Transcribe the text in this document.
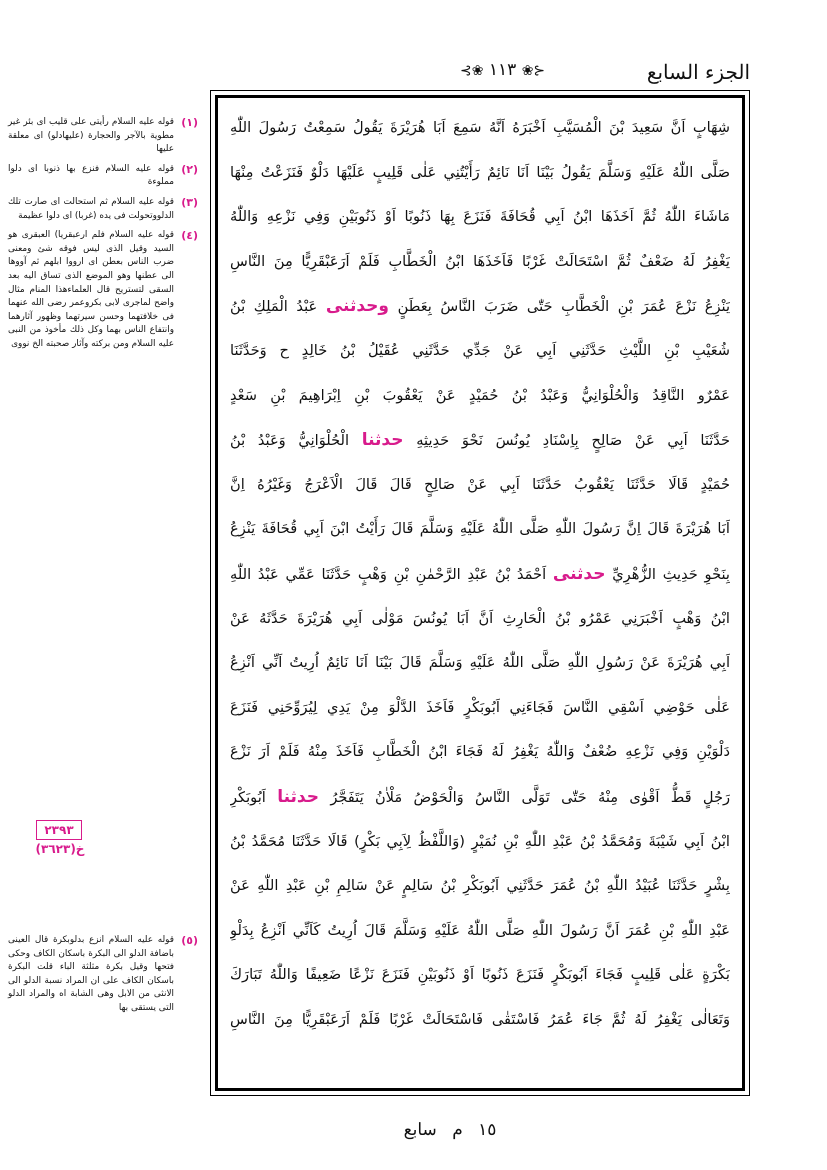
⊰❀ ١١٣ ❀⊱	الجزء السابع
(١)
قوله عليه السلام رأيتى على قليب اى بئر غير مطوية بالآجر والحجارة (عليهادلو) اى معلقة عليها
(٢)
قوله عليه السلام فنزع بها ذنوبا اى دلوا مملوءة
(٣)
قوله عليه السلام ثم استحالت اى صارت تلك الدلووتحولت فى يده (غربا) اى دلوا عظيمة
(٤)
قوله عليه السلام فلم ارعبقريا) العبقرى هو السيد وقيل الذى ليس فوقه شئ ومعنى ضرب الناس بعطن اى ارووا ابلهم ثم آووها الى عطنها وهو الموضع الذى تساق اليه بعد السقى لتستريح قال العلماءهذا المنام مثال واضح لماجرى لابى بكروعمر رضى الله عنهما فى خلافتهما وحسن سيرتهما وظهور آثارهما وانتفاع الناس بهما وكل ذلك مأخوذ من النبى عليه السلام ومن بركته وآثار صحبته الخ نووى
٢٣٩٣
خ(٣٦٢٣)
(٥)
قوله عليه السلام انزع بدلوبكرة قال العينى باضافة الدلو الى البكرة باسكان الكاف وحكى فتحها وقيل بكرة مثلثة الباء قلت البكرة باسكان الكاف على ان المراد نسبة الدلو الى الانثى من الابل وهى الشابة اه والمراد الدلو التى يستقى بها
شِهَابٍ اَنَّ سَعِيدَ بْنَ الْمُسَيَّبِ اَخْبَرَهُ اَنَّهُ سَمِعَ اَبَا هُرَيْرَةَ يَقُولُ سَمِعْتُ رَسُولَ اللّٰهِ
صَلَّى اللّٰهُ عَلَيْهِ وَسَلَّمَ يَقُولُ بَيْنَا اَنَا نَائِمٌ رَأَيْتُنِي عَلٰى قَلِيبٍ عَلَيْهَا دَلْوٌ فَنَزَعْتُ مِنْهَا
مَاشَاءَ اللّٰهُ ثُمَّ اَخَذَهَا ابْنُ اَبِي قُحَافَةَ فَنَزَعَ بِهَا ذَنُوبًا اَوْ ذَنُوبَيْنِ وَفِي نَزْعِهِ وَاللّٰهُ
يَغْفِرُ لَهُ ضَعْفٌ ثُمَّ اسْتَحَالَتْ غَرْبًا فَاَخَذَهَا ابْنُ الْخَطَّابِ فَلَمْ اَرَعَبْقَرِيًّا مِنَ النَّاسِ
يَنْزِعُ نَزْعَ عُمَرَ بْنِ الْخَطَّابِ حَتّٰى ضَرَبَ النَّاسُ بِعَطَنٍ وحدثنى عَبْدُ الْمَلِكِ بْنُ
شُعَيْبِ بْنِ اللَّيْثِ حَدَّثَنِي اَبِي عَنْ جَدِّي حَدَّثَنِي عُقَيْلُ بْنُ خَالِدٍ ح وَحَدَّثَنَا
عَمْرٌو النَّاقِدُ وَالْحُلْوَانِيُّ وَعَبْدُ بْنُ حُمَيْدٍ عَنْ يَعْقُوبَ بْنِ اِبْرَاهِيمَ بْنِ سَعْدٍ
حَدَّثَنَا اَبِي عَنْ صَالِحٍ بِاِسْنَادِ يُونُسَ نَحْوَ حَدِيثِهِ حدثنا الْحُلْوَانِيُّ وَعَبْدُ بْنُ
حُمَيْدٍ قَالَا حَدَّثَنَا يَعْقُوبُ حَدَّثَنَا اَبِي عَنْ صَالِحٍ قَالَ قَالَ الْاَعْرَجُ وَغَيْرُهُ اِنَّ
اَبَا هُرَيْرَةَ قَالَ اِنَّ رَسُولَ اللّٰهِ صَلَّى اللّٰهُ عَلَيْهِ وَسَلَّمَ قَالَ رَأَيْتُ ابْنَ اَبِي قُحَافَةَ يَنْزِعُ
بِنَحْوِ حَدِيثِ الزُّهْرِيِّ حدثنى اَحْمَدُ بْنُ عَبْدِ الرَّحْمٰنِ بْنِ وَهْبٍ حَدَّثَنَا عَمِّي عَبْدُ اللّٰهِ
ابْنُ وَهْبٍ اَخْبَرَنِي عَمْرُو بْنُ الْحَارِثِ اَنَّ اَبَا يُونُسَ مَوْلٰى اَبِي هُرَيْرَةَ حَدَّثَهُ عَنْ
اَبِي هُرَيْرَةَ عَنْ رَسُولِ اللّٰهِ صَلَّى اللّٰهُ عَلَيْهِ وَسَلَّمَ قَالَ بَيْنَا اَنَا نَائِمٌ اُرِيتُ اَنِّي اَنْزِعُ
عَلٰى حَوْضِي اَسْقِي النَّاسَ فَجَاءَنِي اَبُوبَكْرٍ فَاَخَذَ الدَّلْوَ مِنْ يَدِي لِيُرَوِّحَنِي فَنَزَعَ
دَلْوَيْنِ وَفِي نَزْعِهِ ضُعْفٌ وَاللّٰهُ يَغْفِرُ لَهُ فَجَاءَ ابْنُ الْخَطَّابِ فَاَخَذَ مِنْهُ فَلَمْ اَرَ نَزْعَ
رَجُلٍ قَطُّ اَقْوٰى مِنْهُ حَتّٰى تَوَلَّى النَّاسُ وَالْحَوْضُ مَلْاٰنُ يَتَفَجَّرُ حدثنا اَبُوبَكْرِ
ابْنُ اَبِي شَيْبَةَ وَمُحَمَّدُ بْنُ عَبْدِ اللّٰهِ بْنِ نُمَيْرٍ (وَاللَّفْظُ لِاَبِي بَكْرٍ) قَالَا حَدَّثَنَا مُحَمَّدُ بْنُ
بِشْرٍ حَدَّثَنَا عُبَيْدُ اللّٰهِ بْنُ عُمَرَ حَدَّثَنِي اَبُوبَكْرِ بْنُ سَالِمٍ عَنْ سَالِمِ بْنِ عَبْدِ اللّٰهِ عَنْ
عَبْدِ اللّٰهِ بْنِ عُمَرَ اَنَّ رَسُولَ اللّٰهِ صَلَّى اللّٰهُ عَلَيْهِ وَسَلَّمَ قَالَ اُرِيتُ كَاَنِّي اَنْزِعُ بِدَلْوِ
بَكْرَةٍ عَلٰى قَلِيبٍ فَجَاءَ اَبُوبَكْرٍ فَنَزَعَ ذَنُوبًا اَوْ ذَنُوبَيْنِ فَنَزَعَ نَزْعًا ضَعِيفًا وَاللّٰهُ تَبَارَكَ
وَتَعَالٰى يَغْفِرُ لَهُ ثُمَّ جَاءَ عُمَرُ فَاسْتَقٰى فَاسْتَحَالَتْ غَرْبًا فَلَمْ اَرَعَبْقَرِيًّا مِنَ النَّاسِ
١٥ م سابع
